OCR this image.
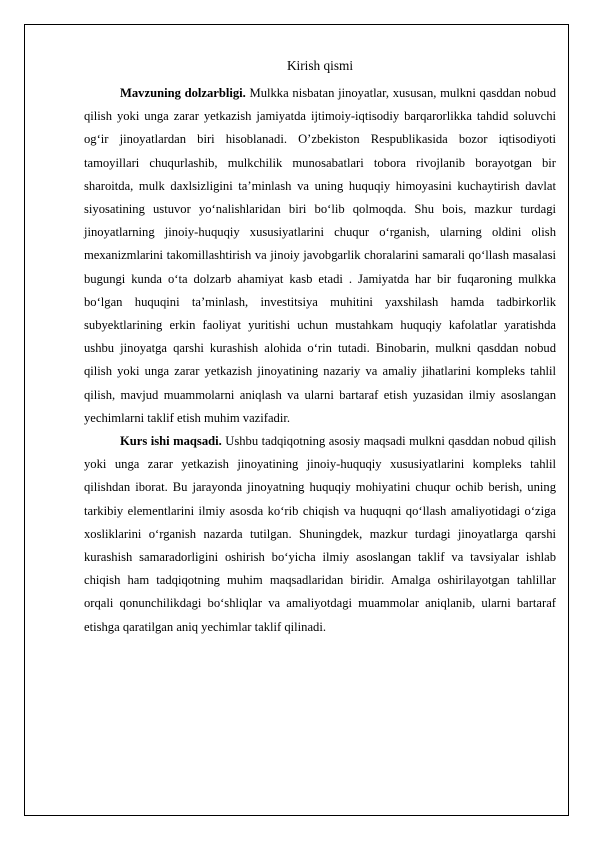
Kirish qismi

Mavzuning dolzarbligi. Mulkka nisbatan jinoyatlar, xususan, mulkni qasddan nobud qilish yoki unga zarar yetkazish jamiyatda ijtimoiy-iqtisodiy barqarorlikka tahdid soluvchi og‘ir jinoyatlardan biri hisoblanadi. O’zbekiston Respublikasida bozor iqtisodiyoti tamoyillari chuqurlashib, mulkchilik munosabatlari tobora rivojlanib borayotgan bir sharoitda, mulk daxlsizligini ta’minlash va uning huquqiy himoyasini kuchaytirish davlat siyosatining ustuvor yo‘nalishlaridan biri bo‘lib qolmoqda. Shu bois, mazkur turdagi jinoyatlarning jinoiy-huquqiy xususiyatlarini chuqur o‘rganish, ularning oldini olish mexanizmlarini takomillashtirish va jinoiy javobgarlik choralarini samarali qo‘llash masalasi bugungi kunda o‘ta dolzarb ahamiyat kasb etadi . Jamiyatda har bir fuqaroning mulkka bo‘lgan huquqini ta’minlash, investitsiya muhitini yaxshilash hamda tadbirkorlik subyektlarining erkin faoliyat yuritishi uchun mustahkam huquqiy kafolatlar yaratishda ushbu jinoyatga qarshi kurashish alohida o‘rin tutadi. Binobarin, mulkni qasddan nobud qilish yoki unga zarar yetkazish jinoyatining nazariy va amaliy jihatlarini kompleks tahlil qilish, mavjud muammolarni aniqlash va ularni bartaraf etish yuzasidan ilmiy asoslangan yechimlarni taklif etish muhim vazifadir.

Kurs ishi maqsadi. Ushbu tadqiqotning asosiy maqsadi mulkni qasddan nobud qilish yoki unga zarar yetkazish jinoyatining jinoiy-huquqiy xususiyatlarini kompleks tahlil qilishdan iborat. Bu jarayonda jinoyatning huquqiy mohiyatini chuqur ochib berish, uning tarkibiy elementlarini ilmiy asosda ko‘rib chiqish va huquqni qo‘llash amaliyotidagi o‘ziga xosliklarini o‘rganish nazarda tutilgan. Shuningdek, mazkur turdagi jinoyatlarga qarshi kurashish samaradorligini oshirish bo‘yicha ilmiy asoslangan taklif va tavsiyalar ishlab chiqish ham tadqiqotning muhim maqsadlaridan biridir. Amalga oshirilayotgan tahlillar orqali qonunchilikdagi bo‘shliqlar va amaliyotdagi muammolar aniqlanib, ularni bartaraf etishga qaratilgan aniq yechimlar taklif qilinadi.
